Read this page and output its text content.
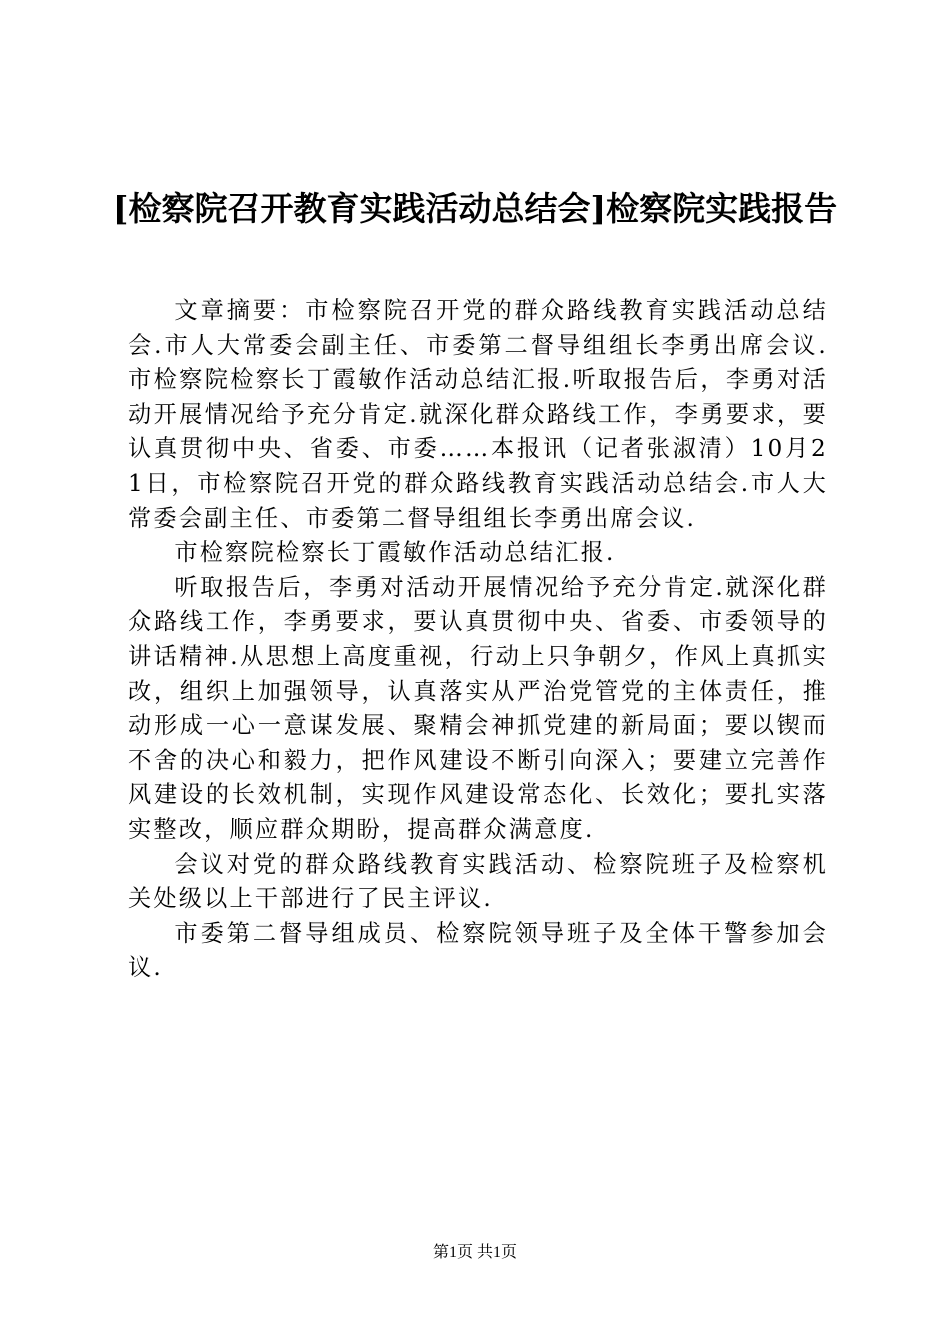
[检察院召开教育实践活动总结会]检察院实践报告

文章摘要：市检察院召开党的群众路线教育实践活动总结会.市人大常委会副主任、市委第二督导组组长李勇出席会议.市检察院检察长丁霞敏作活动总结汇报.听取报告后，李勇对活动开展情况给予充分肯定.就深化群众路线工作，李勇要求，要认真贯彻中央、省委、市委……本报讯（记者张淑清）10月21日，市检察院召开党的群众路线教育实践活动总结会.市人大常委会副主任、市委第二督导组组长李勇出席会议.

市检察院检察长丁霞敏作活动总结汇报.

听取报告后，李勇对活动开展情况给予充分肯定.就深化群众路线工作，李勇要求，要认真贯彻中央、省委、市委领导的讲话精神.从思想上高度重视，行动上只争朝夕，作风上真抓实改，组织上加强领导，认真落实从严治党管党的主体责任，推动形成一心一意谋发展、聚精会神抓党建的新局面；要以锲而不舍的决心和毅力，把作风建设不断引向深入；要建立完善作风建设的长效机制，实现作风建设常态化、长效化；要扎实落实整改，顺应群众期盼，提高群众满意度.

会议对党的群众路线教育实践活动、检察院班子及检察机关处级以上干部进行了民主评议.

市委第二督导组成员、检察院领导班子及全体干警参加会议.

第1页 共1页
